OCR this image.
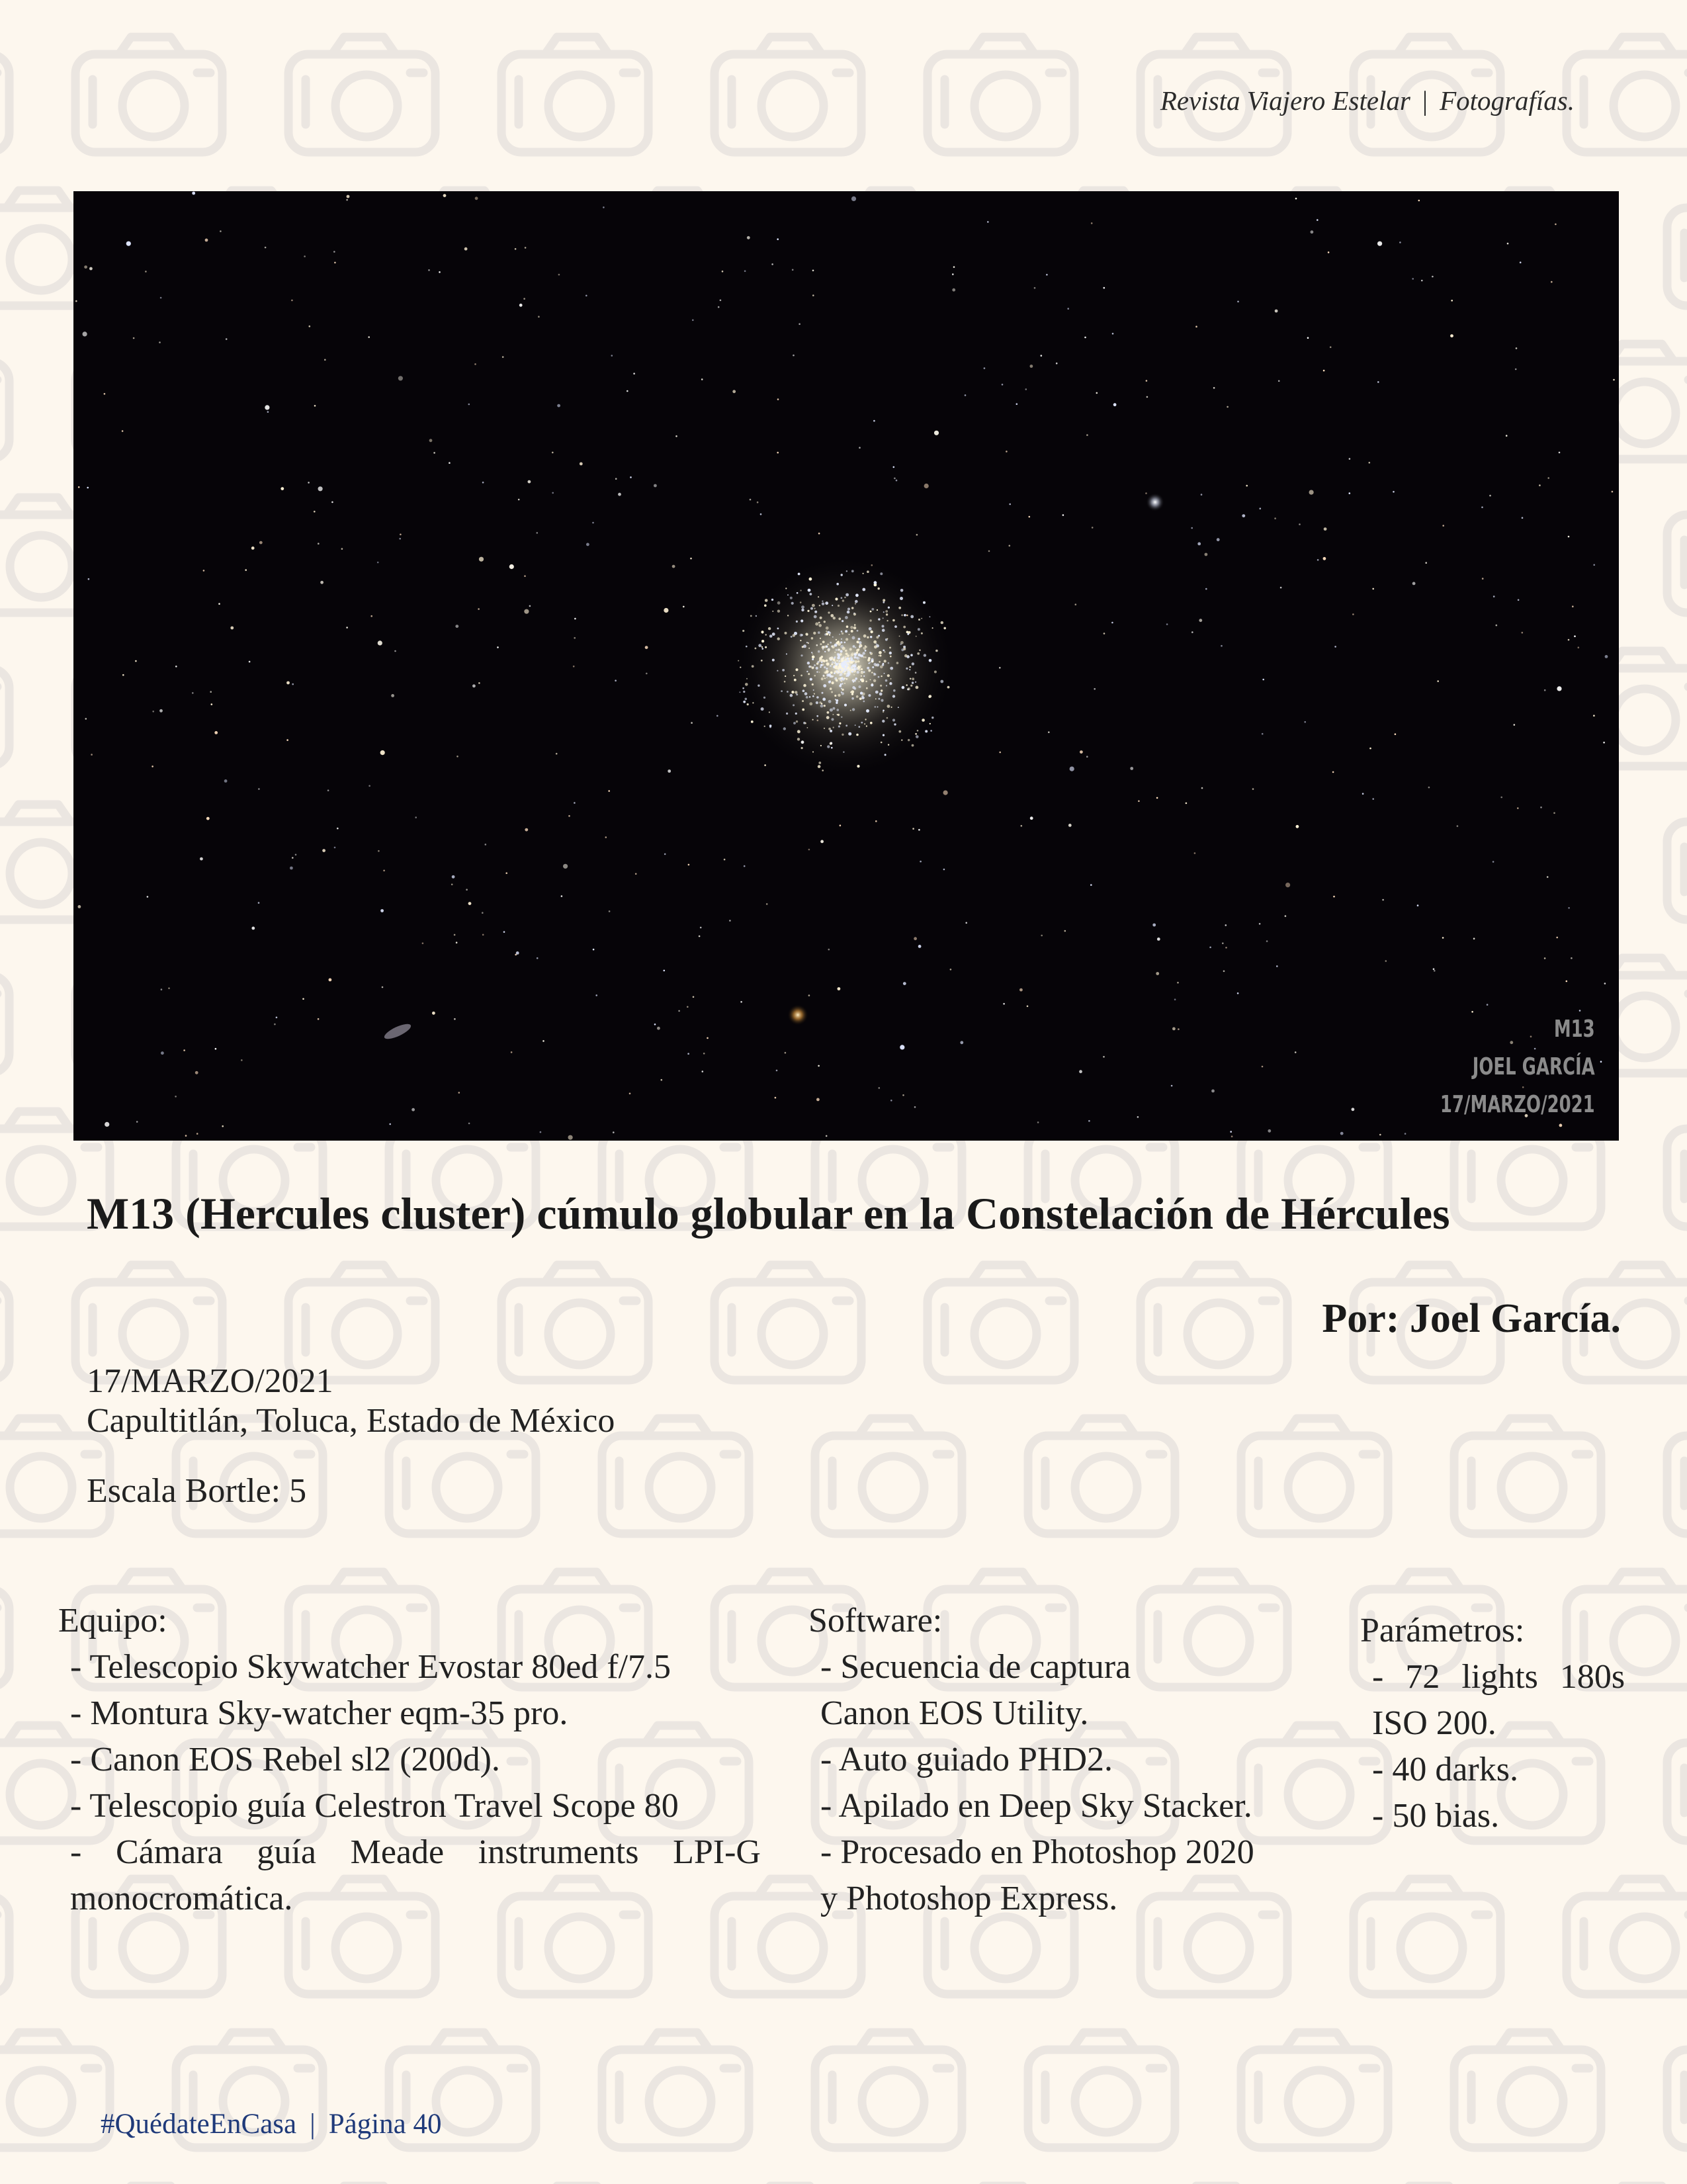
Revista Viajero Estelar | Fotografías.
M13
JOEL GARCÍA
17/MARZO/2021
M13 (Hercules cluster) cúmulo globular en la Constelación de Hércules
Por: Joel García.
17/MARZO/2021
Capultitlán, Toluca, Estado de México
Escala Bortle: 5
Equipo:
- Telescopio Skywatcher Evostar 80ed f/7.5
- Montura Sky-watcher eqm-35 pro.
- Canon EOS Rebel sl2 (200d).
- Telescopio guía Celestron Travel Scope 80
- Cámara guía Meade instruments LPI-G
monocromática.
Software:
- Secuencia de captura
Canon EOS Utility.
- Auto guiado PHD2.
- Apilado en Deep Sky Stacker.
- Procesado en Photoshop 2020
y Photoshop Express.
Parámetros:
- 72 lights 180s
ISO 200.
- 40 darks.
- 50 bias.
#QuédateEnCasa | Página 40
